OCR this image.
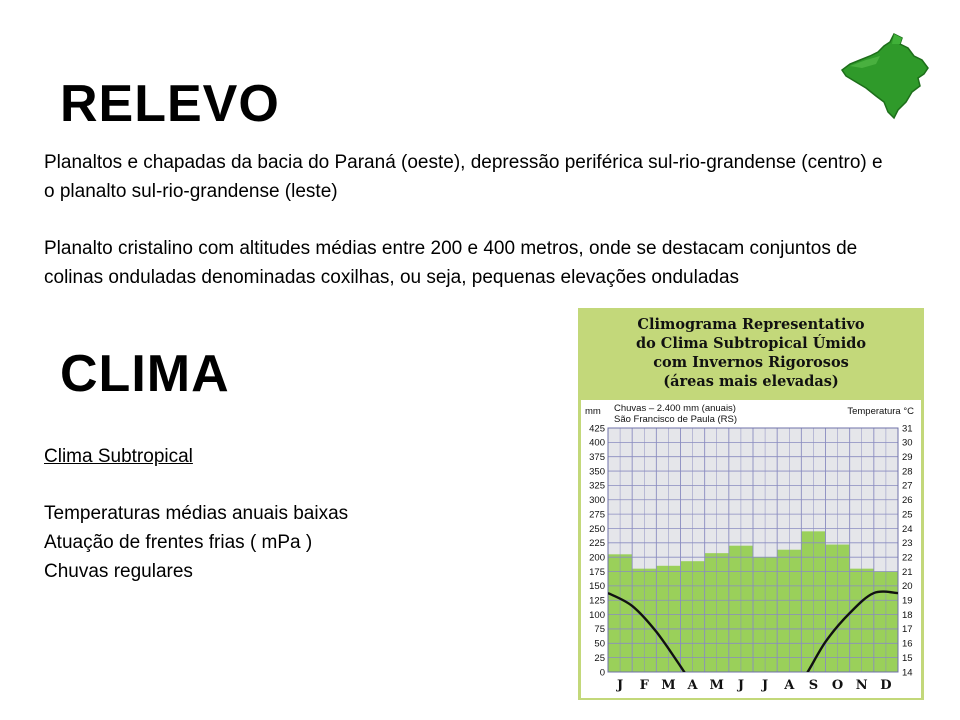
RELEVO

Planaltos e chapadas da bacia do Paraná (oeste), depressão periférica sul-rio-grandense (centro) e o planalto sul-rio-grandense (leste)

Planalto cristalino com altitudes médias entre 200 e 400 metros, onde se destacam conjuntos de colinas onduladas denominadas coxilhas, ou seja, pequenas elevações onduladas

CLIMA

Clima Subtropical

Temperaturas médias anuais baixas

Atuação de frentes frias ( mPa )

Chuvas regulares

Climograma Representativo
do Clima Subtropical Úmido
com Invernos Rigorosos
(áreas mais elevadas)
Chuvas – 2.400 mm (anuais)
São Francisco de Paula (RS)
mm	Temperatura °C
0
25
50
75
100
125
150
175
200
225
250
275
300
325
350
375
400
425
14
15
16
17
18
19
20
21
22
23
24
25
26
27
28
29
30
31
J F M A M J J A S O N D
